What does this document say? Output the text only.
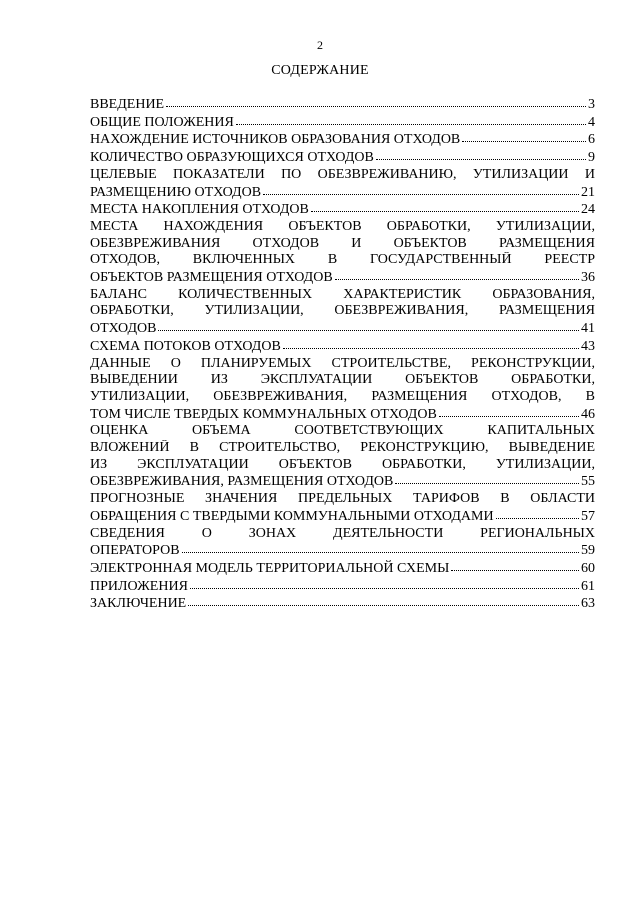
2
СОДЕРЖАНИЕ
ВВЕДЕНИЕ	3
ОБЩИЕ ПОЛОЖЕНИЯ	4
НАХОЖДЕНИЕ ИСТОЧНИКОВ ОБРАЗОВАНИЯ ОТХОДОВ	6
КОЛИЧЕСТВО ОБРАЗУЮЩИХСЯ ОТХОДОВ	9
ЦЕЛЕВЫЕ ПОКАЗАТЕЛИ ПО ОБЕЗВРЕЖИВАНИЮ, УТИЛИЗАЦИИ И
РАЗМЕЩЕНИЮ ОТХОДОВ	21
МЕСТА НАКОПЛЕНИЯ ОТХОДОВ	24
МЕСТА НАХОЖДЕНИЯ ОБЪЕКТОВ ОБРАБОТКИ, УТИЛИЗАЦИИ,
ОБЕЗВРЕЖИВАНИЯ ОТХОДОВ И ОБЪЕКТОВ РАЗМЕЩЕНИЯ
ОТХОДОВ, ВКЛЮЧЕННЫХ В ГОСУДАРСТВЕННЫЙ РЕЕСТР
ОБЪЕКТОВ РАЗМЕЩЕНИЯ ОТХОДОВ	36
БАЛАНС КОЛИЧЕСТВЕННЫХ ХАРАКТЕРИСТИК ОБРАЗОВАНИЯ,
ОБРАБОТКИ, УТИЛИЗАЦИИ, ОБЕЗВРЕЖИВАНИЯ, РАЗМЕЩЕНИЯ
ОТХОДОВ	41
СХЕМА ПОТОКОВ ОТХОДОВ	43
ДАННЫЕ О ПЛАНИРУЕМЫХ СТРОИТЕЛЬСТВЕ, РЕКОНСТРУКЦИИ,
ВЫВЕДЕНИИ ИЗ ЭКСПЛУАТАЦИИ ОБЪЕКТОВ ОБРАБОТКИ,
УТИЛИЗАЦИИ, ОБЕЗВРЕЖИВАНИЯ, РАЗМЕЩЕНИЯ ОТХОДОВ, В
ТОМ ЧИСЛЕ ТВЕРДЫХ КОММУНАЛЬНЫХ ОТХОДОВ	46
ОЦЕНКА ОБЪЕМА СООТВЕТСТВУЮЩИХ КАПИТАЛЬНЫХ
ВЛОЖЕНИЙ В СТРОИТЕЛЬСТВО, РЕКОНСТРУКЦИЮ, ВЫВЕДЕНИЕ
ИЗ ЭКСПЛУАТАЦИИ ОБЪЕКТОВ ОБРАБОТКИ, УТИЛИЗАЦИИ,
ОБЕЗВРЕЖИВАНИЯ, РАЗМЕЩЕНИЯ ОТХОДОВ	55
ПРОГНОЗНЫЕ ЗНАЧЕНИЯ ПРЕДЕЛЬНЫХ ТАРИФОВ В ОБЛАСТИ
ОБРАЩЕНИЯ С ТВЕРДЫМИ КОММУНАЛЬНЫМИ ОТХОДАМИ	57
СВЕДЕНИЯ О ЗОНАХ ДЕЯТЕЛЬНОСТИ РЕГИОНАЛЬНЫХ
ОПЕРАТОРОВ	59
ЭЛЕКТРОННАЯ МОДЕЛЬ ТЕРРИТОРИАЛЬНОЙ СХЕМЫ	60
ПРИЛОЖЕНИЯ	61
ЗАКЛЮЧЕНИЕ	63
